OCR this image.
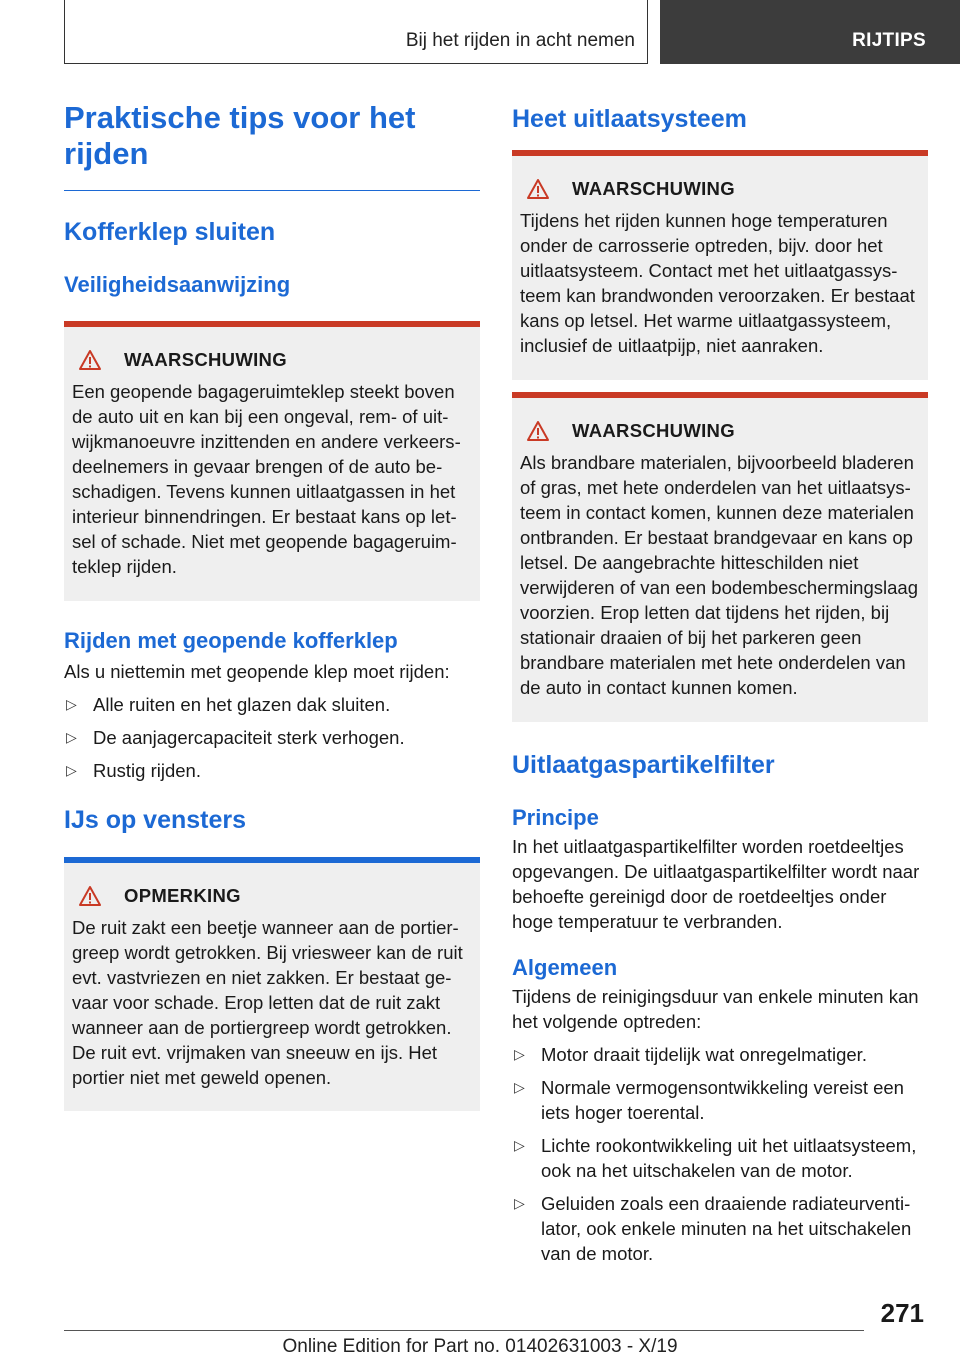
Bij het rijden in acht nemen	RIJTIPS
Praktische tips voor het rijden
Kofferklep sluiten
Veiligheidsaanwijzing
WAARSCHUWING

Een geopende bagageruimteklep steekt boven de auto uit en kan bij een ongeval, rem- of uitwijkmanoeuvre inzittenden en andere verkeersdeelnemers in gevaar brengen of de auto beschadigen. Tevens kunnen uitlaatgassen in het interieur binnendringen. Er bestaat kans op letsel of schade. Niet met geopende bagageruimteklep rijden.

Rijden met geopende kofferklep

Als u niettemin met geopende klep moet rijden:

▷ Alle ruiten en het glazen dak sluiten.
▷ De aanjagercapaciteit sterk verhogen.
▷ Rustig rijden.
IJs op vensters
OPMERKING

De ruit zakt een beetje wanneer aan de portiergreep wordt getrokken. Bij vriesweer kan de ruit evt. vastvriezen en niet zakken. Er bestaat gevaar voor schade. Erop letten dat de ruit zakt wanneer aan de portiergreep wordt getrokken. De ruit evt. vrijmaken van sneeuw en ijs. Het portier niet met geweld openen.

Heet uitlaatsysteem
WAARSCHUWING

Tijdens het rijden kunnen hoge temperaturen onder de carrosserie optreden, bijv. door het uitlaatsysteem. Contact met het uitlaatgassysteem kan brandwonden veroorzaken. Er bestaat kans op letsel. Het warme uitlaatgassysteem, inclusief de uitlaatpijp, niet aanraken.

WAARSCHUWING

Als brandbare materialen, bijvoorbeeld bladeren of gras, met hete onderdelen van het uitlaatsysteem in contact komen, kunnen deze materialen ontbranden. Er bestaat brandgevaar en kans op letsel. De aangebrachte hitteschilden niet verwijderen of van een bodembeschermingslaag voorzien. Erop letten dat tijdens het rijden, bij stationair draaien of bij het parkeren geen brandbare materialen met hete onderdelen van de auto in contact kunnen komen.

Uitlaatgaspartikelfilter
Principe

In het uitlaatgaspartikelfilter worden roetdeeltjes opgevangen. De uitlaatgaspartikelfilter wordt naar behoefte gereinigd door de roetdeeltjes onder hoge temperatuur te verbranden.

Algemeen

Tijdens de reinigingsduur van enkele minuten kan het volgende optreden:

▷ Motor draait tijdelijk wat onregelmatiger.
▷ Normale vermogensontwikkeling vereist een iets hoger toerental.
▷ Lichte rookontwikkeling uit het uitlaatsysteem, ook na het uitschakelen van de motor.
▷ Geluiden zoals een draaiende radiateurventilator, ook enkele minuten na het uitschakelen van de motor.
271
Online Edition for Part no. 01402631003 - X/19
